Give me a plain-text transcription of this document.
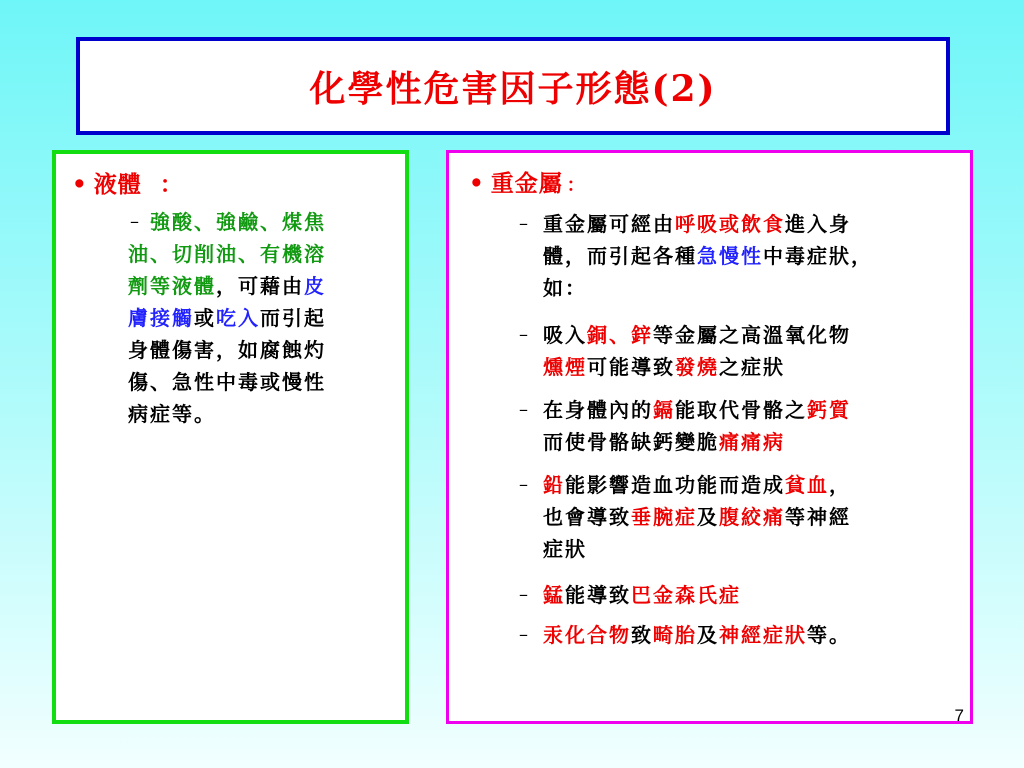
化學性危害因子形態(2)
• 液體 ：
– 強酸、強鹼、煤焦
油、切削油、有機溶
劑等液體，可藉由皮
膚接觸或吃入而引起
身體傷害，如腐蝕灼
傷、急性中毒或慢性
病症等。
• 重金屬 ：
– 重金屬可經由呼吸或飲食進入身
體，而引起各種急慢性中毒症狀，
如：
– 吸入銅、鋅等金屬之高溫氧化物
燻煙可能導致發燒之症狀
– 在身體內的鎘能取代骨骼之鈣質
而使骨骼缺鈣變脆痛痛病
– 鉛能影響造血功能而造成貧血，
也會導致垂腕症及腹絞痛等神經
症狀
– 錳能導致巴金森氏症
– 汞化合物致畸胎及神經症狀等。
7
